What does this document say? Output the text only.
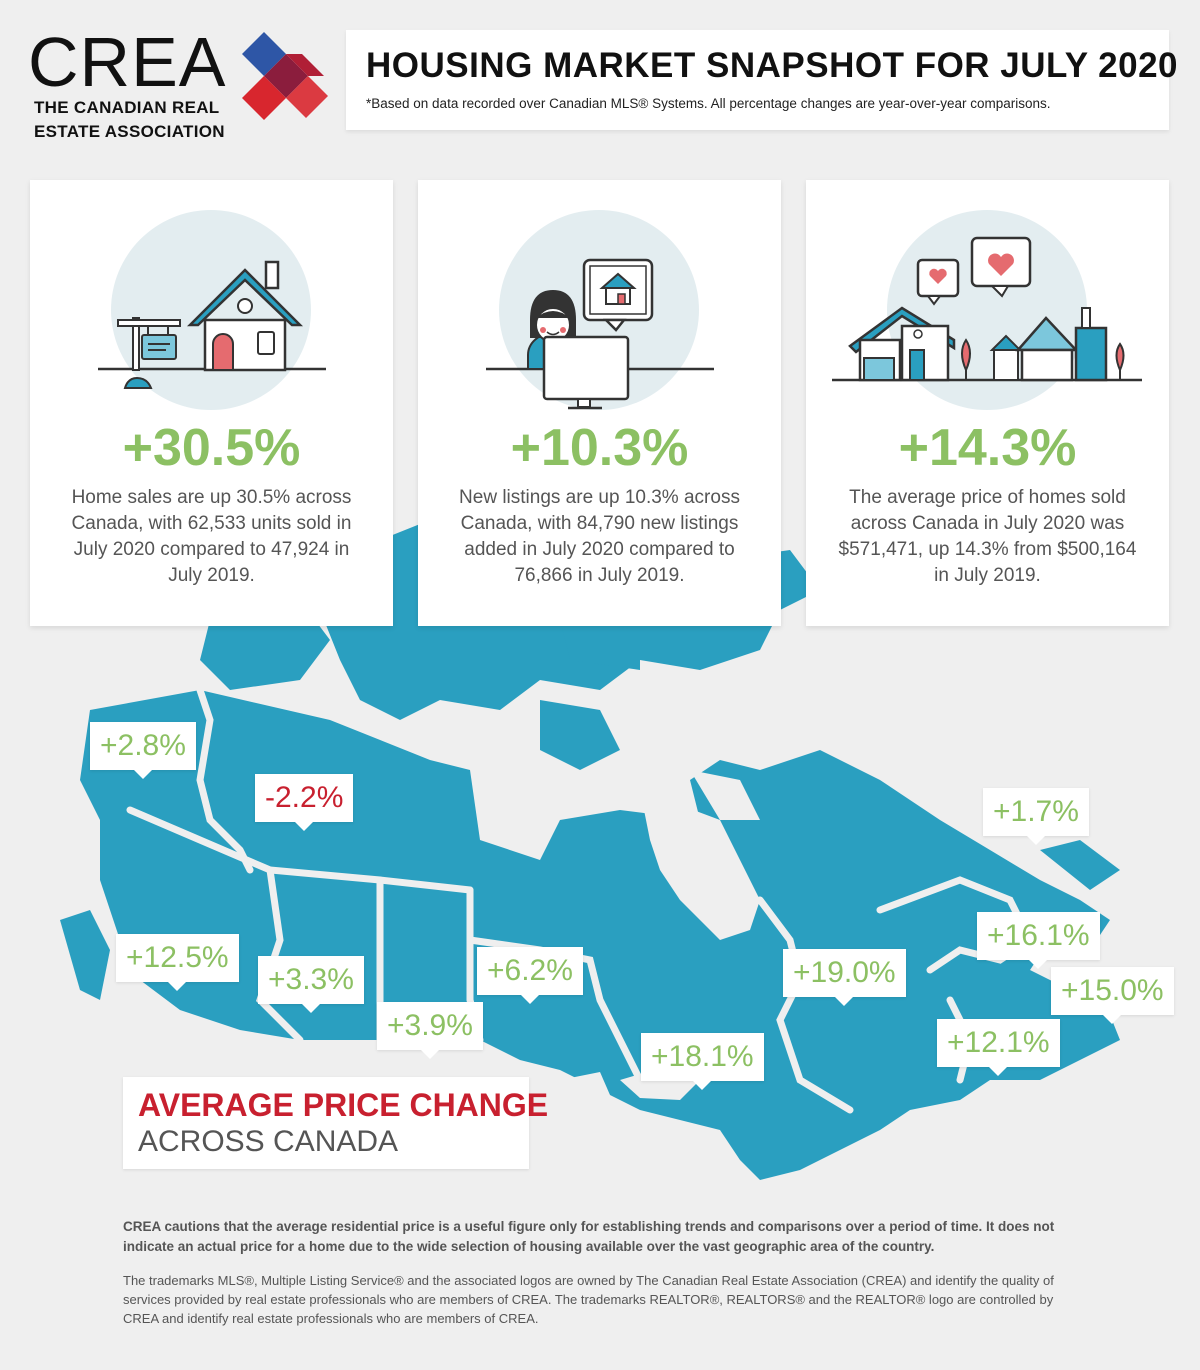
CREA
THE CANADIAN REAL
ESTATE ASSOCIATION
HOUSING MARKET SNAPSHOT FOR JULY 2020
*Based on data recorded over Canadian MLS® Systems. All percentage changes are year-over-year comparisons.
+30.5%
Home sales are up 30.5% across Canada, with 62,533 units sold in July 2020 compared to 47,924 in July 2019.
+10.3%
New listings are up 10.3% across Canada, with 84,790 new listings added in July 2020 compared to 76,866 in July 2019.
+14.3%
The average price of homes sold across Canada in July 2020 was $571,471, up 14.3% from $500,164 in July 2019.
+2.8%
-2.2%
+12.5%
+3.3%
+3.9%
+6.2%
+18.1%
+19.0%
+1.7%
+16.1%
+15.0%
+12.1%
AVERAGE PRICE CHANGE
ACROSS CANADA

CREA cautions that the average residential price is a useful figure only for establishing trends and comparisons over a period of time. It does not indicate an actual price for a home due to the wide selection of housing available over the vast geographic area of the country.

The trademarks MLS®, Multiple Listing Service® and the associated logos are owned by The Canadian Real Estate Association (CREA) and identify the quality of services provided by real estate professionals who are members of CREA. The trademarks REALTOR®, REALTORS® and the REALTOR® logo are controlled by CREA and identify real estate professionals who are members of CREA.
